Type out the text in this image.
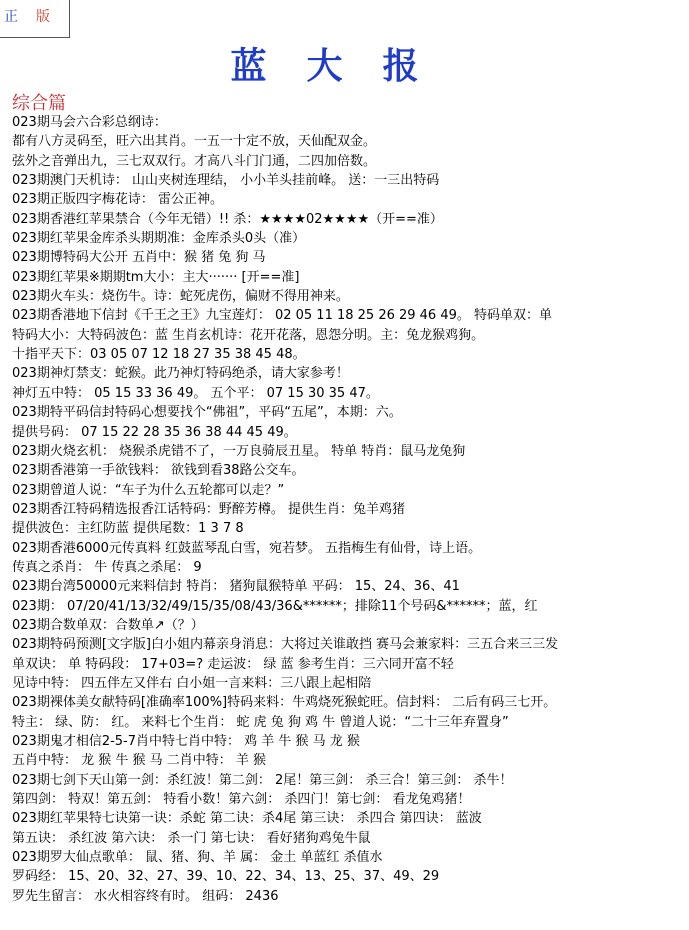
正 版
蓝大报
综合篇
023期马会六合彩总纲诗：
都有八方灵码至，旺六出其肖。一五一十定不放，天仙配双金。
弦外之音弹出九，三七双双行。才高八斗门门通，二四加倍数。
023期澳门天机诗： 山山夹树连理结， 小小羊头挂前峰。 送：一三出特码
023期正版四字梅花诗： 雷公正神。
023期香港红苹果禁合（今年无错）!! 杀：★★★★02★★★★（开==准）
023期红苹果金库杀头期期准：金库杀头0头（准）
023期博特码大公开 五肖中：猴 猪 兔 狗 马
023期红苹果※期期tm大小：主大······· [开==准]
023期火车头：烧伤牛。诗：蛇死虎伤，偏财不得用神来。
023期香港地下信封《千王之王》九宝莲灯： 02 05 11 18 25 26 29 46 49。 特码单双：单
特码大小：大特码波色：蓝 生肖玄机诗：花开花落，恩怨分明。主：兔龙猴鸡狗。
十指平天下：03 05 07 12 18 27 35 38 45 48。
023期神灯禁支：蛇猴。此乃神灯特码绝杀，请大家参考！
神灯五中特： 05 15 33 36 49。 五个平： 07 15 30 35 47。
023期特平码信封特码心想要找个“佛祖”，平码“五尾”，本期：六。
提供号码： 07 15 22 28 35 36 38 44 45 49。
023期火烧玄机： 烧猴杀虎错不了，一万良骑辰丑星。 特单 特肖：鼠马龙兔狗
023期香港第一手欲钱料： 欲钱到看38路公交车。
023期曾道人说：“车子为什么五轮都可以走？”
023期香江特码精选报香江话特码：野醉芳樽。 提供生肖：兔羊鸡猪
提供波色：主红防蓝 提供尾数：1 3 7 8
023期香港6000元传真料 红鼓蓝琴乱白雪，宛若梦。 五指梅生有仙骨，诗上语。
传真之杀肖： 牛 传真之杀尾： 9
023期台湾50000元来料信封 特肖： 猪狗鼠猴特单 平码： 15、24、36、41
023期： 07/20/41/13/32/49/15/35/08/43/36&******；排除11个号码&******；蓝，红
023期合数单双：合数单↗（？）
023期特码预测[文字版]白小姐内幕亲身消息：大将过关谁敢挡 赛马会兼家料：三五合来三三发
单双诀： 单 特码段： 17+03=? 走运波： 绿 蓝 参考生肖：三六同开富不轻
见诗中特： 四五伴左又伴右 白小姐一言来料：三八跟上起相陪
023期裸体美女献特码[准确率100%]特码来料：牛鸡烧死猴蛇旺。信封料： 二后有码三七开。
特主： 绿、防： 红。 来料七个生肖： 蛇 虎 兔 狗 鸡 牛 曾道人说：“二十三年弃置身”
023期鬼才相信2-5-7肖中特七肖中特： 鸡 羊 牛 猴 马 龙 猴
五肖中特： 龙 猴 牛 猴 马 二肖中特： 羊 猴
023期七剑下天山第一剑：杀红波！第二剑： 2尾！第三剑： 杀三合！第三剑： 杀牛！
第四剑： 特双！第五剑： 特看小数！第六剑： 杀四门！第七剑： 看龙兔鸡猪！
023期红苹果特七诀第一诀：杀蛇 第二诀：杀4尾 第三诀： 杀四合 第四诀： 蓝波
第五诀： 杀红波 第六诀： 杀一门 第七诀： 看好猪狗鸡兔牛鼠
023期罗大仙点歌单： 鼠、猪、狗、羊 属： 金土 单蓝红 杀值水
罗码经： 15、20、32、27、39、10、22、34、13、25、37、49、29
罗先生留言： 水火相容终有时。 组码： 2436
